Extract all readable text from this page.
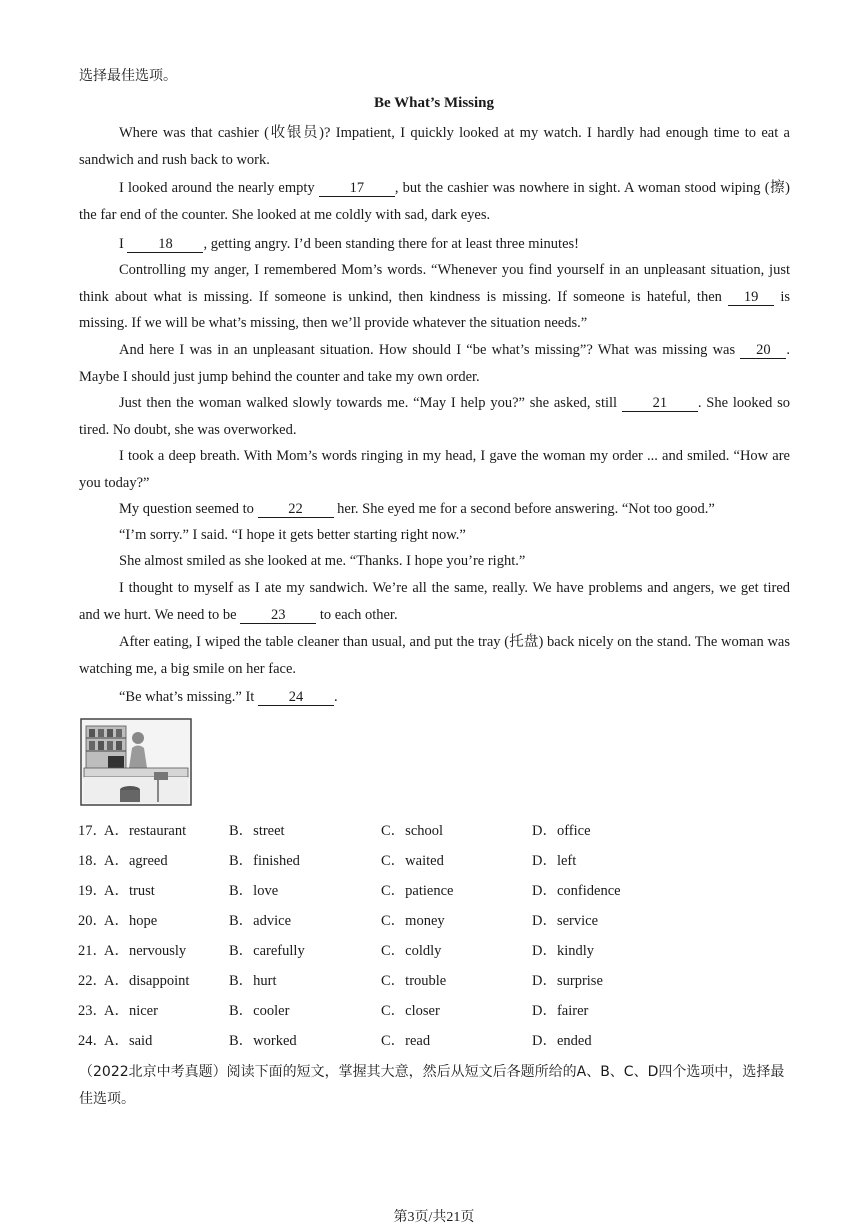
选择最佳选项。
Be What’s Missing
Where was that cashier (收银员)? Impatient, I quickly looked at my watch. I hardly had enough time to eat a sandwich and rush back to work.
I looked around the nearly empty 17 , but the cashier was nowhere in sight. A woman stood wiping (擦) the far end of the counter. She looked at me coldly with sad, dark eyes.
I 18 , getting angry. I’d been standing there for at least three minutes!
Controlling my anger, I remembered Mom’s words. “Whenever you find yourself in an unpleasant situation, just think about what is missing. If someone is unkind, then kindness is missing. If someone is hateful, then 19 is missing. If we will be what’s missing, then we’ll provide whatever the situation needs.”
And here I was in an unpleasant situation. How should I “be what’s missing”? What was missing was 20 . Maybe I should just jump behind the counter and take my own order.
Just then the woman walked slowly towards me. “May I help you?” she asked, still 21 . She looked so tired. No doubt, she was overworked.
I took a deep breath. With Mom’s words ringing in my head, I gave the woman my order ... and smiled. “How are you today?”
My question seemed to 22 her. She eyed me for a second before answering. “Not too good.”
“I’m sorry.” I said. “I hope it gets better starting right now.”
She almost smiled as she looked at me. “Thanks. I hope you’re right.”
I thought to myself as I ate my sandwich. We’re all the same, really. We have problems and angers, we get tired and we hurt. We need to be 23 to each other.
After eating, I wiped the table cleaner than usual, and put the tray (托盘) back nicely on the stand. The woman was watching me, a big smile on her face.
“Be what’s missing.” It 24 .
17．
A．restaurant	B．street	C．school	D．office
18．
A．agreed	B．finished	C．waited	D．left
19．
A．trust	B．love	C．patience	D．confidence
20．
A．hope	B．advice	C．money	D．service
21．
A．nervously	B．carefully	C．coldly	D．kindly
22．
A．disappoint	B．hurt	C．trouble	D．surprise
23．
A．nicer	B．cooler	C．closer	D．fairer
24．
A．said	B．worked	C．read	D．ended
（2022北京中考真题）阅读下面的短文，掌握其大意，然后从短文后各题所给的A、B、C、D四个选项中，选择最佳选项。
第3页/共21页
